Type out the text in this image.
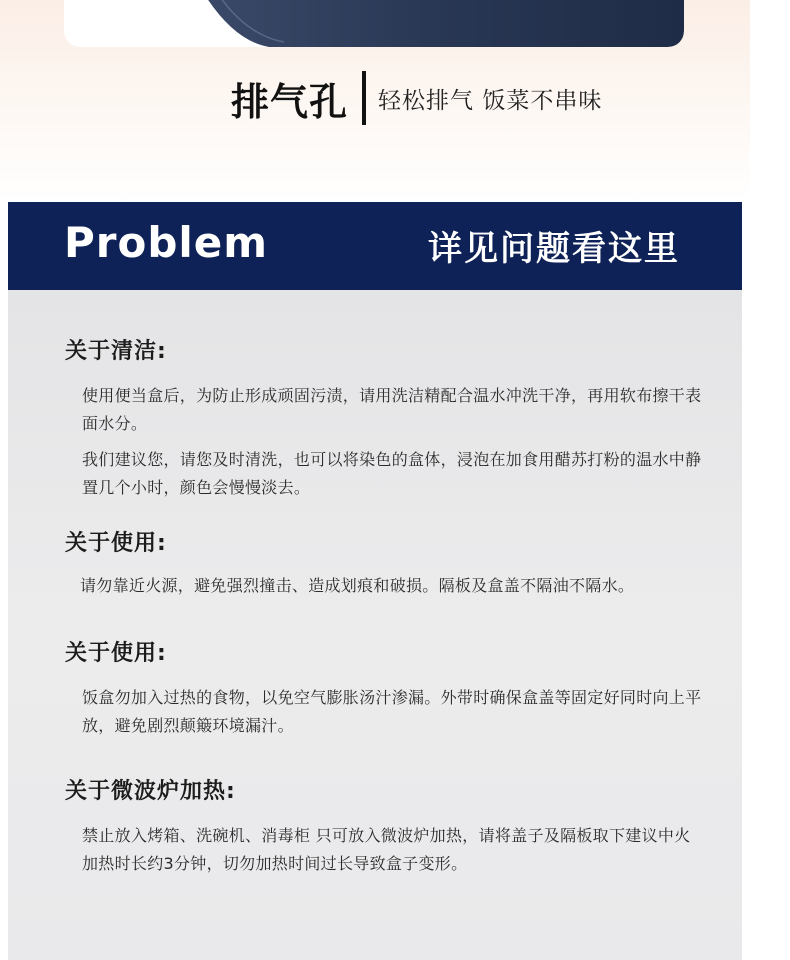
排气孔 轻松排气 饭菜不串味
Problem	详见问题看这里
关于清洁:

使用便当盒后，为防止形成顽固污渍，请用洗洁精配合温水冲洗干净，再用软布擦干表面水分。

我们建议您，请您及时清洗，也可以将染色的盒体，浸泡在加食用醋苏打粉的温水中静置几个小时，颜色会慢慢淡去。

关于使用:

请勿靠近火源，避免强烈撞击、造成划痕和破损。隔板及盒盖不隔油不隔水。

关于使用:

饭盒勿加入过热的食物，以免空气膨胀汤汁渗漏。外带时确保盒盖等固定好同时向上平放，避免剧烈颠簸环境漏汁。

关于微波炉加热:

禁止放入烤箱、洗碗机、消毒柜 只可放入微波炉加热，请将盖子及隔板取下建议中火加热时长约3分钟，切勿加热时间过长导致盒子变形。
